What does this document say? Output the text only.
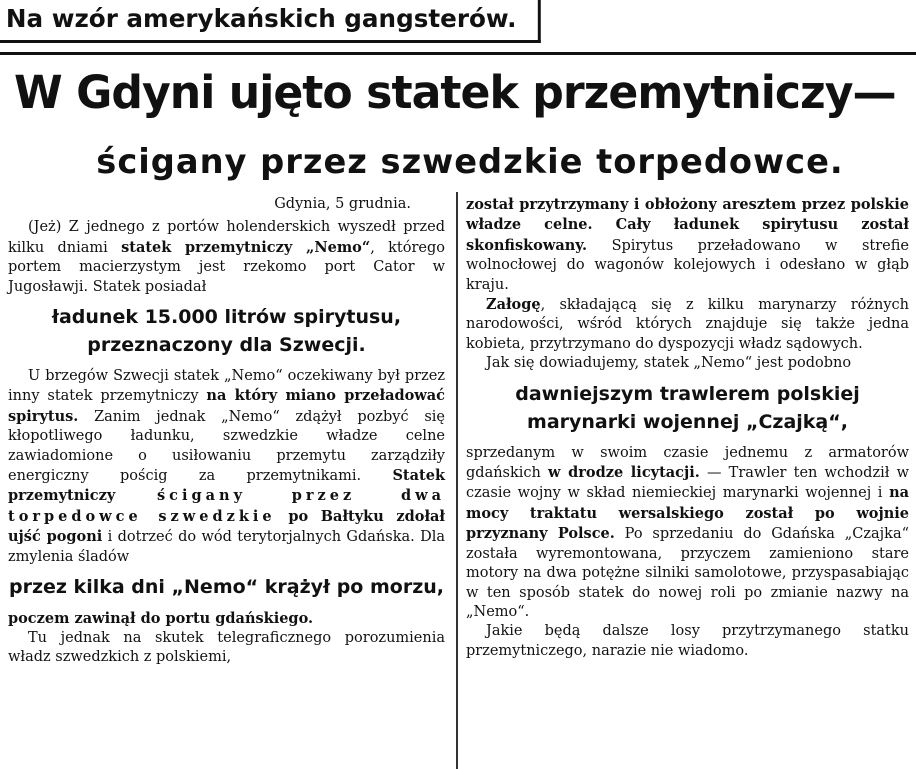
Na wzór amerykańskich gangsterów.
W Gdyni ujęto statek przemytniczy—
ścigany przez szwedzkie torpedowce.

Gdynia, 5 grudnia.

(Jeż) Z jednego z portów holenderskich wyszedł przed kilku dniami statek przemytniczy „Nemo“, którego portem macierzystym jest rzekomo port Cator w Jugosławji. Statek posiadał

ładunek 15.000 litrów spirytusu, przeznaczony dla Szwecji.

U brzegów Szwecji statek „Nemo“ oczekiwany był przez inny statek przemytniczy na który miano przeładować spirytus. Zanim jednak „Nemo“ zdążył pozbyć się kłopotliwego ładunku, szwedzkie władze celne zawiadomione o usiłowaniu przemytu zarządziły energiczny pościg za przemytnikami. Statek przemytniczy ścigany przez dwa torpedowce szwedzkie po Bałtyku zdołał ujść pogoni i dotrzeć do wód terytorjalnych Gdańska. Dla zmylenia śladów

przez kilka dni „Nemo“ krążył po morzu,

poczem zawinął do portu gdańskiego.

Tu jednak na skutek telegraficznego porozumienia władz szwedzkich z polskiemi,

został przytrzymany i obłożony aresztem przez polskie władze celne. Cały ładunek spirytusu został skonfiskowany. Spirytus przeładowano w strefie wolnocłowej do wagonów kolejowych i odesłano w głąb kraju.

Załogę, składającą się z kilku marynarzy różnych narodowości, wśród których znajduje się także jedna kobieta, przytrzymano do dyspozycji władz sądowych.

Jak się dowiadujemy, statek „Nemo“ jest podobno

dawniejszym trawlerem polskiej marynarki wojennej „Czajką“,

sprzedanym w swoim czasie jednemu z armatorów gdańskich w drodze licytacji. — Trawler ten wchodził w czasie wojny w skład niemieckiej marynarki wojennej i na mocy traktatu wersalskiego został po wojnie przyznany Polsce. Po sprzedaniu do Gdańska „Czajka“ została wyremontowana, przyczem zamieniono stare motory na dwa potężne silniki samolotowe, przyspasabiając w ten sposób statek do nowej roli po zmianie nazwy na „Nemo“.

Jakie będą dalsze losy przytrzymanego statku przemytniczego, narazie nie wiadomo.
